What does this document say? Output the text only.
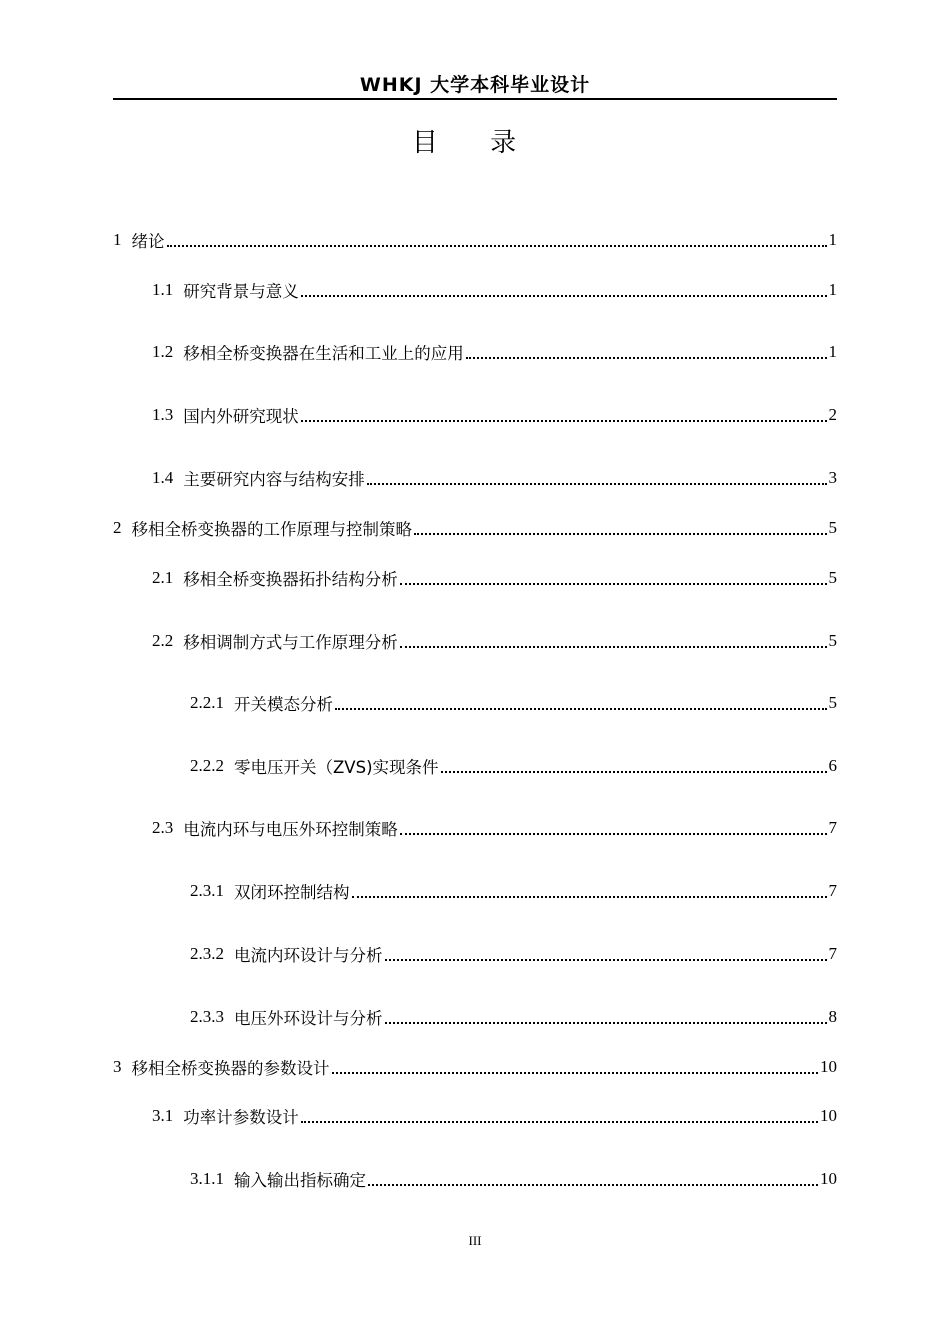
WHKJ 大学本科毕业设计
目 录
1 绪论	1
1.1 研究背景与意义	1
1.2 移相全桥变换器在生活和工业上的应用	1
1.3 国内外研究现状	2
1.4 主要研究内容与结构安排	3
2 移相全桥变换器的工作原理与控制策略	5
2.1 移相全桥变换器拓扑结构分析	5
2.2 移相调制方式与工作原理分析	5
2.2.1 开关模态分析	5
2.2.2 零电压开关（ZVS)实现条件	6
2.3 电流内环与电压外环控制策略	7
2.3.1 双闭环控制结构	7
2.3.2 电流内环设计与分析	7
2.3.3 电压外环设计与分析	8
3 移相全桥变换器的参数设计	10
3.1 功率计参数设计	10
3.1.1 输入输出指标确定	10
III
